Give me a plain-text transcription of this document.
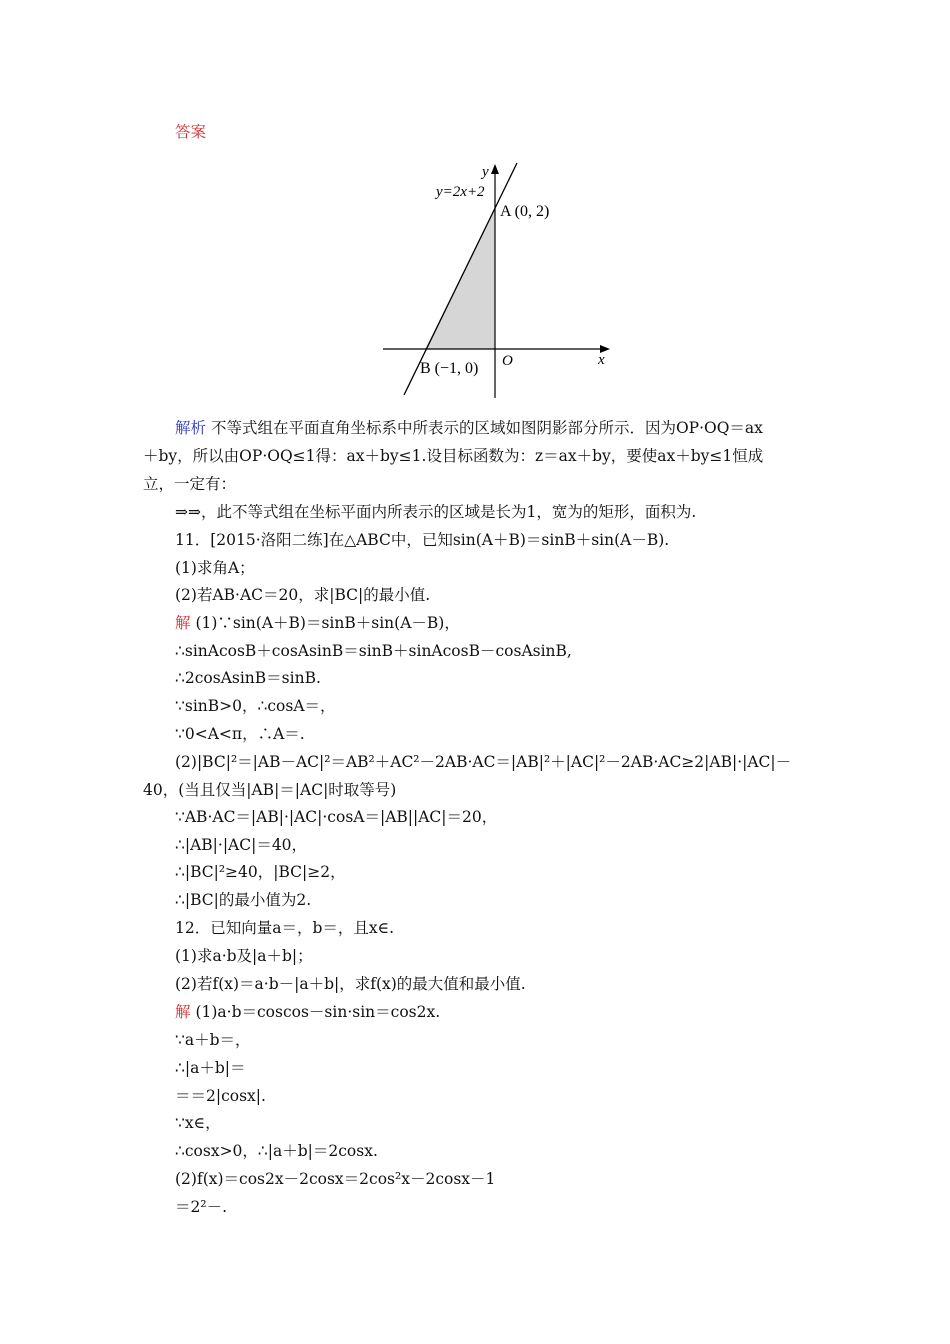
答案
y
y=2x+2
A (0, 2)
B (−1, 0) O	x
解析 不等式组在平面直角坐标系中所表示的区域如图阴影部分所示．因为OP·OQ＝ax
＋by，所以由OP·OQ≤1得：ax＋by≤1.设目标函数为：z＝ax＋by，要使ax＋by≤1恒成
立，一定有：
⇒⇒，此不等式组在坐标平面内所表示的区域是长为1，宽为的矩形，面积为.
11．[2015·洛阳二练]在△ABC中，已知sin(A＋B)＝sinB＋sin(A－B).
(1)求角A；
(2)若AB·AC＝20，求|BC|的最小值.
解 (1)∵sin(A＋B)＝sinB＋sin(A－B)，
∴sinAcosB＋cosAsinB＝sinB＋sinAcosB－cosAsinB,
∴2cosAsinB＝sinB.
∵sinB>0，∴cosA＝，
∵0<A<π，∴A＝.
(2)|BC|²＝|AB－AC|²＝AB²＋AC²－2AB·AC＝|AB|²＋|AC|²－2AB·AC≥2|AB|·|AC|－
40，(当且仅当|AB|＝|AC|时取等号)
∵AB·AC＝|AB|·|AC|·cosA＝|AB||AC|＝20，
∴|AB|·|AC|＝40，
∴|BC|²≥40，|BC|≥2，
∴|BC|的最小值为2.
12．已知向量a＝，b＝，且x∈.
(1)求a·b及|a＋b|；
(2)若f(x)＝a·b－|a＋b|，求f(x)的最大值和最小值.
解 (1)a·b＝coscos－sin·sin＝cos2x.
∵a＋b＝，
∴|a＋b|＝
＝＝2|cosx|.
∵x∈，
∴cosx>0，∴|a＋b|＝2cosx.
(2)f(x)＝cos2x－2cosx＝2cos²x－2cosx－1
＝2²－.
